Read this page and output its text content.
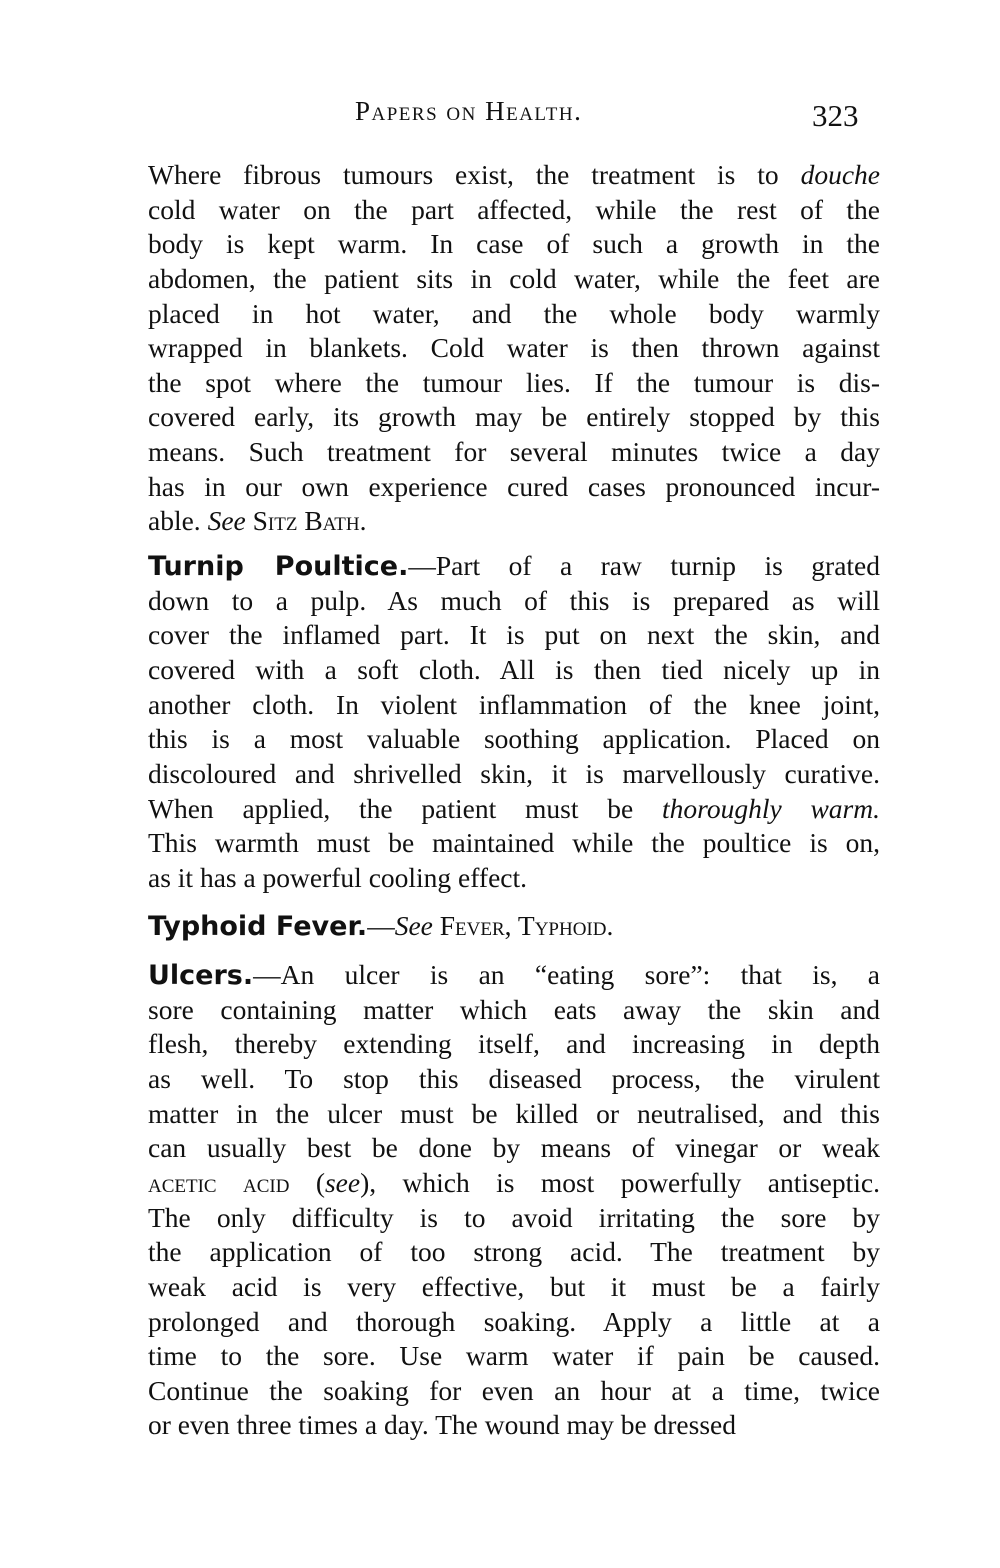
Papers on Health.	323
Where fibrous tumours exist, the treatment is to douche
cold water on the part affected, while the rest of the
body is kept warm. In case of such a growth in the
abdomen, the patient sits in cold water, while the feet are
placed in hot water, and the whole body warmly
wrapped in blankets. Cold water is then thrown against
the spot where the tumour lies. If the tumour is dis-
covered early, its growth may be entirely stopped by this
means. Such treatment for several minutes twice a day
has in our own experience cured cases pronounced incur-
able. See Sitz Bath.
Turnip Poultice.—Part of a raw turnip is grated
down to a pulp. As much of this is prepared as will
cover the inflamed part. It is put on next the skin, and
covered with a soft cloth. All is then tied nicely up in
another cloth. In violent inflammation of the knee joint,
this is a most valuable soothing application. Placed on
discoloured and shrivelled skin, it is marvellously curative.
When applied, the patient must be thoroughly warm.
This warmth must be maintained while the poultice is on,
as it has a powerful cooling effect.
Typhoid Fever.—See Fever, Typhoid.
Ulcers.—An ulcer is an “eating sore”: that is, a
sore containing matter which eats away the skin and
flesh, thereby extending itself, and increasing in depth
as well. To stop this diseased process, the virulent
matter in the ulcer must be killed or neutralised, and this
can usually best be done by means of vinegar or weak
acetic acid (see), which is most powerfully antiseptic.
The only difficulty is to avoid irritating the sore by
the application of too strong acid. The treatment by
weak acid is very effective, but it must be a fairly
prolonged and thorough soaking. Apply a little at a
time to the sore. Use warm water if pain be caused.
Continue the soaking for even an hour at a time, twice
or even three times a day. The wound may be dressed
